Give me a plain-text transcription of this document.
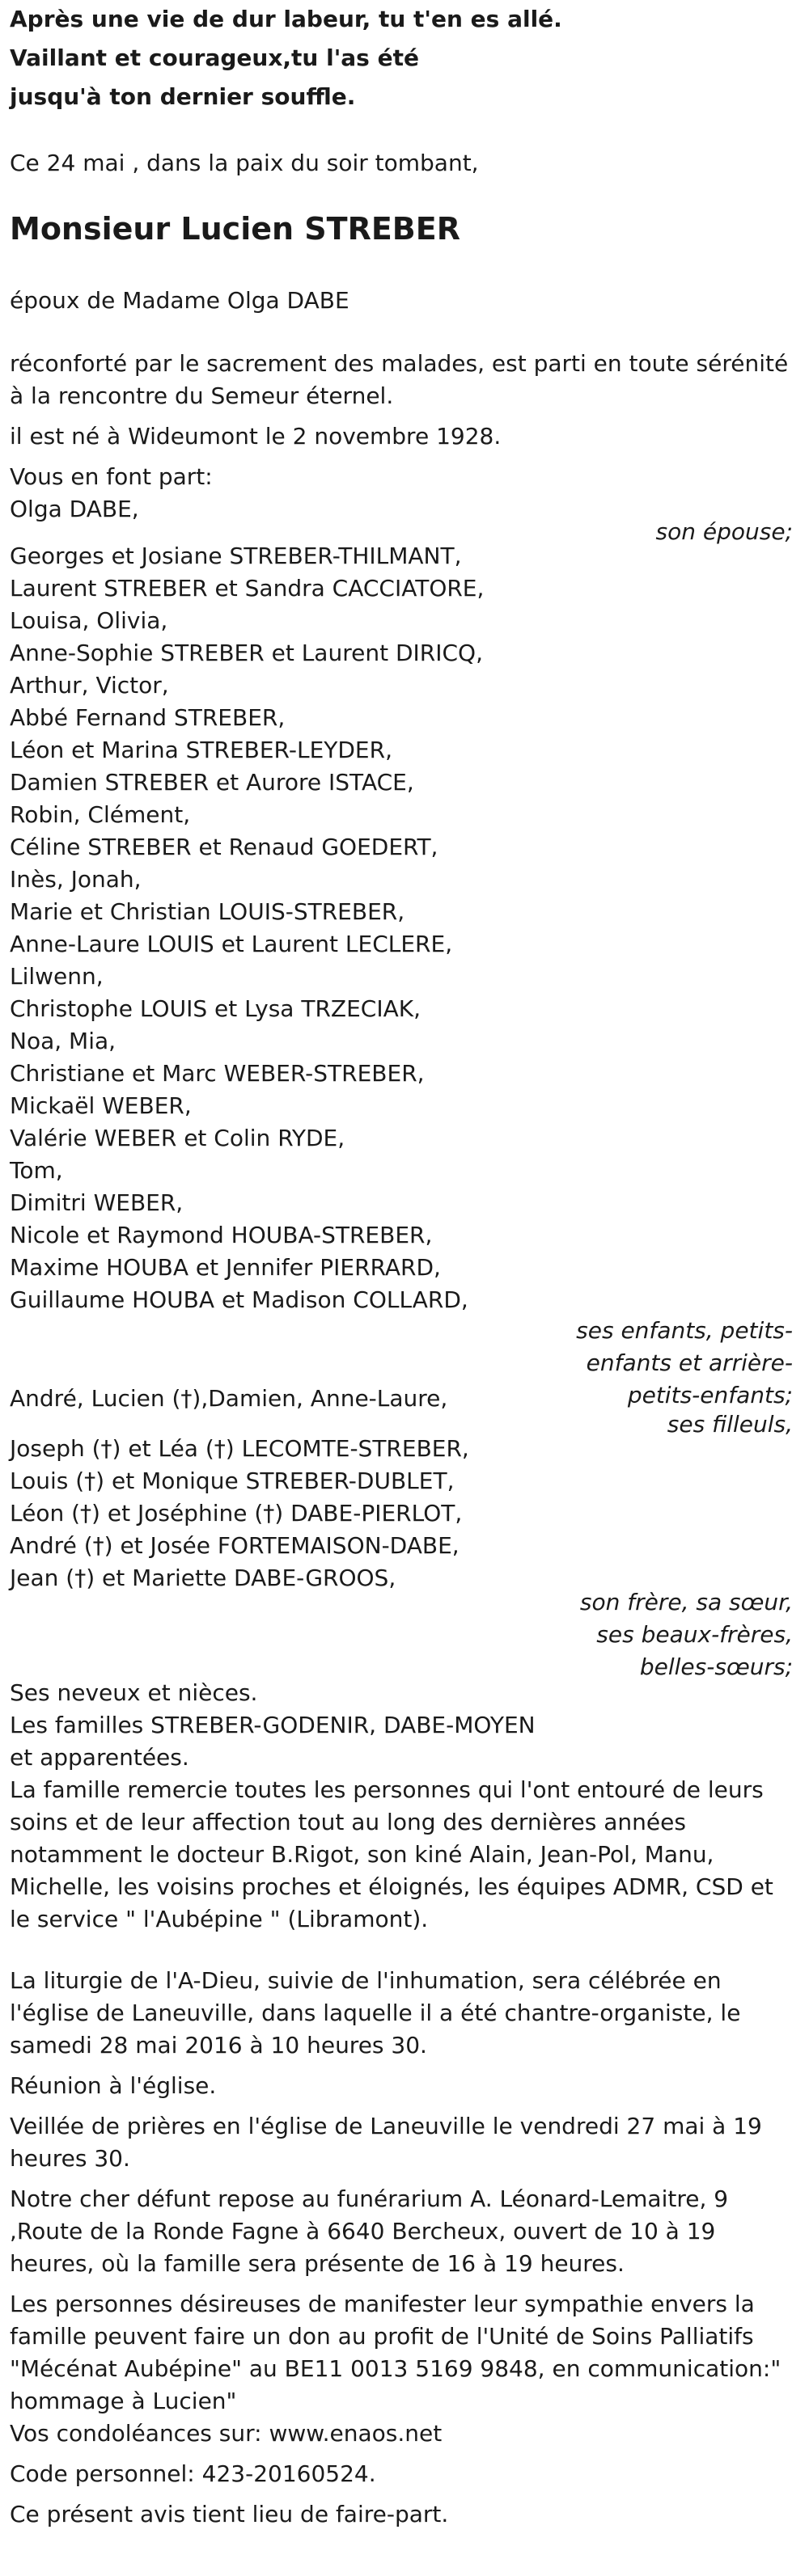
Après une vie de dur labeur, tu t'en es allé.
Vaillant et courageux,tu l'as été
jusqu'à ton dernier souffle.
Ce 24 mai , dans la paix du soir tombant,
Monsieur Lucien STREBER
époux de Madame Olga DABE
réconforté par le sacrement des malades, est parti en toute sérénité à la rencontre du Semeur éternel.
il est né à Wideumont le 2 novembre 1928.
Vous en font part:
Olga DABE,
son épouse;
Georges et Josiane STREBER-THILMANT,
Laurent STREBER et Sandra CACCIATORE,
Louisa, Olivia,
Anne-Sophie STREBER et Laurent DIRICQ,
Arthur, Victor,
Abbé Fernand STREBER,
Léon et Marina STREBER-LEYDER,
Damien STREBER et Aurore ISTACE,
Robin, Clément,
Céline STREBER et Renaud GOEDERT,
Inès, Jonah,
Marie et Christian LOUIS-STREBER,
Anne-Laure LOUIS et Laurent LECLERE,
Lilwenn,
Christophe LOUIS et Lysa TRZECIAK,
Noa, Mia,
Christiane et Marc WEBER-STREBER,
Mickaël WEBER,
Valérie WEBER et Colin RYDE,
Tom,
Dimitri WEBER,
Nicole et Raymond HOUBA-STREBER,
Maxime HOUBA et Jennifer PIERRARD,
Guillaume HOUBA et Madison COLLARD,
ses enfants, petits-
enfants et arrière-
petits-enfants;
André, Lucien (†),Damien, Anne-Laure,
ses filleuls,
Joseph (†) et Léa (†) LECOMTE-STREBER,
Louis (†) et Monique STREBER-DUBLET,
Léon (†) et Joséphine (†) DABE-PIERLOT,
André (†) et Josée FORTEMAISON-DABE,
Jean (†) et Mariette DABE-GROOS,
son frère, sa sœur,
ses beaux-frères,
belles-sœurs;
Ses neveux et nièces.
Les familles STREBER-GODENIR, DABE-MOYEN
et apparentées.
La famille remercie toutes les personnes qui l'ont entouré de leurs soins et de leur affection tout au long des dernières années notamment le docteur B.Rigot, son kiné Alain, Jean-Pol, Manu, Michelle, les voisins proches et éloignés, les équipes ADMR, CSD et le service " l'Aubépine " (Libramont).
La liturgie de l'A-Dieu, suivie de l'inhumation, sera célébrée en l'église de Laneuville, dans laquelle il a été chantre-organiste, le samedi 28 mai 2016 à 10 heures 30.
Réunion à l'église.
Veillée de prières en l'église de Laneuville le vendredi 27 mai à 19 heures 30.
Notre cher défunt repose au funérarium A. Léonard-Lemaitre, 9 ,Route de la Ronde Fagne à 6640 Bercheux, ouvert de 10 à 19 heures, où la famille sera présente de 16 à 19 heures.
Les personnes désireuses de manifester leur sympathie envers la famille peuvent faire un don au profit de l'Unité de Soins Palliatifs "Mécénat Aubépine" au BE11 0013 5169 9848, en communication:" hommage à Lucien"
Vos condoléances sur: www.enaos.net
Code personnel: 423-20160524.
Ce présent avis tient lieu de faire-part.
